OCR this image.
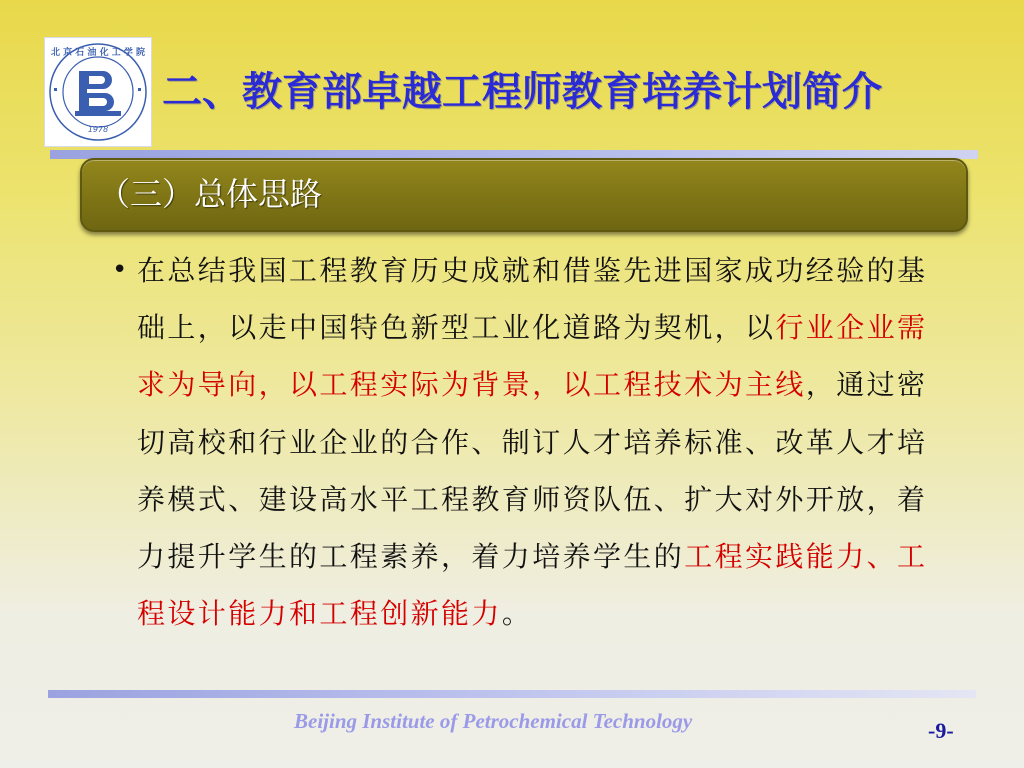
北 京 石 油 化 工 学 院
1978
二、教育部卓越工程师教育培养计划简介
（三）总体思路
• 在总结我国工程教育历史成就和借鉴先进国家成功经验的基础上，以走中国特色新型工业化道路为契机，以行业企业需求为导向，以工程实际为背景，以工程技术为主线，通过密切高校和行业企业的合作、制订人才培养标准、改革人才培养模式、建设高水平工程教育师资队伍、扩大对外开放，着力提升学生的工程素养，着力培养学生的工程实践能力、工程设计能力和工程创新能力。
Beijing Institute of Petrochemical Technology	-9-
